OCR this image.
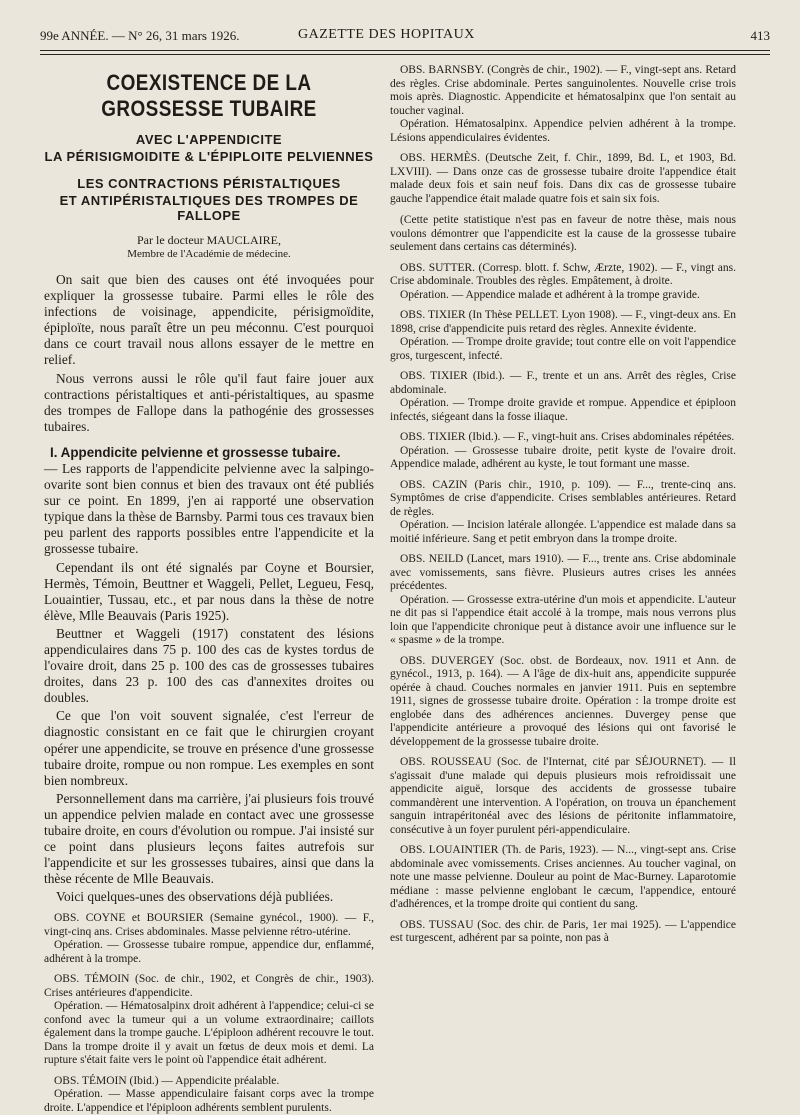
99e ANNÉE. — N° 26, 31 mars 1926.	GAZETTE DES HOPITAUX	413
COEXISTENCE DE LA GROSSESSE TUBAIRE
AVEC L'APPENDICITE
LA PÉRISIGMOIDITE & L'ÉPIPLOITE PELVIENNES
LES CONTRACTIONS PÉRISTALTIQUES
ET ANTIPÉRISTALTIQUES DES TROMPES DE FALLOPE
Par le docteur MAUCLAIRE,
Membre de l'Académie de médecine.

On sait que bien des causes ont été invoquées pour expliquer la grossesse tubaire. Parmi elles le rôle des infections de voisinage, appendicite, périsigmoïdite, épiploïte, nous paraît être un peu méconnu. C'est pourquoi dans ce court travail nous allons essayer de le mettre en relief.

Nous verrons aussi le rôle qu'il faut faire jouer aux contractions péristaltiques et anti-péristaltiques, au spasme des trompes de Fallope dans la pathogénie des grossesses tubaires.

I. Appendicite pelvienne et grossesse tubaire.

— Les rapports de l'appendicite pelvienne avec la salpingo-ovarite sont bien connus et bien des travaux ont été publiés sur ce point. En 1899, j'en ai rapporté une observation typique dans la thèse de Barnsby. Parmi tous ces travaux bien peu parlent des rapports possibles entre l'appendicite et la grossesse tubaire.

Cependant ils ont été signalés par Coyne et Boursier, Hermès, Témoin, Beuttner et Waggeli, Pellet, Legueu, Fesq, Louaintier, Tussau, etc., et par nous dans la thèse de notre élève, Mlle Beauvais (Paris 1925).

Beuttner et Waggeli (1917) constatent des lésions appendiculaires dans 75 p. 100 des cas de kystes tordus de l'ovaire droit, dans 25 p. 100 des cas de grossesses tubaires droites, dans 23 p. 100 des cas d'annexites droites ou doubles.

Ce que l'on voit souvent signalée, c'est l'erreur de diagnostic consistant en ce fait que le chirurgien croyant opérer une appendicite, se trouve en présence d'une grossesse tubaire droite, rompue ou non rompue. Les exemples en sont bien nombreux.

Personnellement dans ma carrière, j'ai plusieurs fois trouvé un appendice pelvien malade en contact avec une grossesse tubaire droite, en cours d'évolution ou rompue. J'ai insisté sur ce point dans plusieurs leçons faites autrefois sur l'appendicite et sur les grossesses tubaires, ainsi que dans la thèse récente de Mlle Beauvais.

Voici quelques-unes des observations déjà publiées.

OBS. COYNE et BOURSIER (Semaine gynécol., 1900). — F., vingt-cinq ans. Crises abdominales. Masse pelvienne rétro-utérine.

Opération. — Grossesse tubaire rompue, appendice dur, enflammé, adhérent à la trompe.

OBS. TÉMOIN (Soc. de chir., 1902, et Congrès de chir., 1903). Crises antérieures d'appendicite.

Opération. — Hématosalpinx droit adhérent à l'appendice; celui-ci se confond avec la tumeur qui a un volume extraordinaire; caillots également dans la trompe gauche. L'épiploon adhérent recouvre le tout. Dans la trompe droite il y avait un fœtus de deux mois et demi. La rupture s'était faite vers le point où l'appendice était adhérent.

OBS. TÉMOIN (Ibid.) — Appendicite préalable.

Opération. — Masse appendiculaire faisant corps avec la trompe droite. L'appendice et l'épiploon adhérents semblent purulents.

OBS. BARNSBY. (Congrès de chir., 1902). — F., vingt-sept ans. Retard des règles. Crise abdominale. Pertes sanguinolentes. Nouvelle crise trois mois après. Diagnostic. Appendicite et hématosalpinx que l'on sentait au toucher vaginal.

Opération. Hématosalpinx. Appendice pelvien adhérent à la trompe. Lésions appendiculaires évidentes.

OBS. HERMÈS. (Deutsche Zeit, f. Chir., 1899, Bd. L, et 1903, Bd. LXVIII). — Dans onze cas de grossesse tubaire droite l'appendice était malade deux fois et sain neuf fois. Dans dix cas de grossesse tubaire gauche l'appendice était malade quatre fois et sain six fois.

(Cette petite statistique n'est pas en faveur de notre thèse, mais nous voulons démontrer que l'appendicite est la cause de la grossesse tubaire seulement dans certains cas déterminés).

OBS. SUTTER. (Corresp. blott. f. Schw, Ærzte, 1902). — F., vingt ans. Crise abdominale. Troubles des règles. Empâtement, à droite.

Opération. — Appendice malade et adhérent à la trompe gravide.

OBS. TIXIER (In Thèse PELLET. Lyon 1908). — F., vingt-deux ans. En 1898, crise d'appendicite puis retard des règles. Annexite évidente.

Opération. — Trompe droite gravide; tout contre elle on voit l'appendice gros, turgescent, infecté.

OBS. TIXIER (Ibid.). — F., trente et un ans. Arrêt des règles, Crise abdominale.

Opération. — Trompe droite gravide et rompue. Appendice et épiploon infectés, siégeant dans la fosse iliaque.

OBS. TIXIER (Ibid.). — F., vingt-huit ans. Crises abdominales répétées.

Opération. — Grossesse tubaire droite, petit kyste de l'ovaire droit. Appendice malade, adhérent au kyste, le tout formant une masse.

OBS. CAZIN (Paris chir., 1910, p. 109). — F..., trente-cinq ans. Symptômes de crise d'appendicite. Crises semblables antérieures. Retard de règles.

Opération. — Incision latérale allongée. L'appendice est malade dans sa moitié inférieure. Sang et petit embryon dans la trompe droite.

OBS. NEILD (Lancet, mars 1910). — F..., trente ans. Crise abdominale avec vomissements, sans fièvre. Plusieurs autres crises les années précédentes.

Opération. — Grossesse extra-utérine d'un mois et appendicite. L'auteur ne dit pas si l'appendice était accolé à la trompe, mais nous verrons plus loin que l'appendicite chronique peut à distance avoir une influence sur le « spasme » de la trompe.

OBS. DUVERGEY (Soc. obst. de Bordeaux, nov. 1911 et Ann. de gynécol., 1913, p. 164). — A l'âge de dix-huit ans, appendicite suppurée opérée à chaud. Couches normales en janvier 1911. Puis en septembre 1911, signes de grossesse tubaire droite. Opération : la trompe droite est englobée dans des adhérences anciennes. Duvergey pense que l'appendicite antérieure a provoqué des lésions qui ont favorisé le développement de la grossesse tubaire droite.

OBS. ROUSSEAU (Soc. de l'Internat, cité par SÉJOURNET). — Il s'agissait d'une malade qui depuis plusieurs mois refroidissait une appendicite aiguë, lorsque des accidents de grossesse tubaire commandèrent une intervention. A l'opération, on trouva un épanchement sanguin intrapéritonéal avec des lésions de péritonite inflammatoire, consécutive à un foyer purulent péri-appendiculaire.

OBS. LOUAINTIER (Th. de Paris, 1923). — N..., vingt-sept ans. Crise abdominale avec vomissements. Crises anciennes. Au toucher vaginal, on note une masse pelvienne. Douleur au point de Mac-Burney. Laparotomie médiane : masse pelvienne englobant le cæcum, l'appendice, entouré d'adhérences, et la trompe droite qui contient du sang.

OBS. TUSSAU (Soc. des chir. de Paris, 1er mai 1925). — L'appendice est turgescent, adhérent par sa pointe, non pas à
